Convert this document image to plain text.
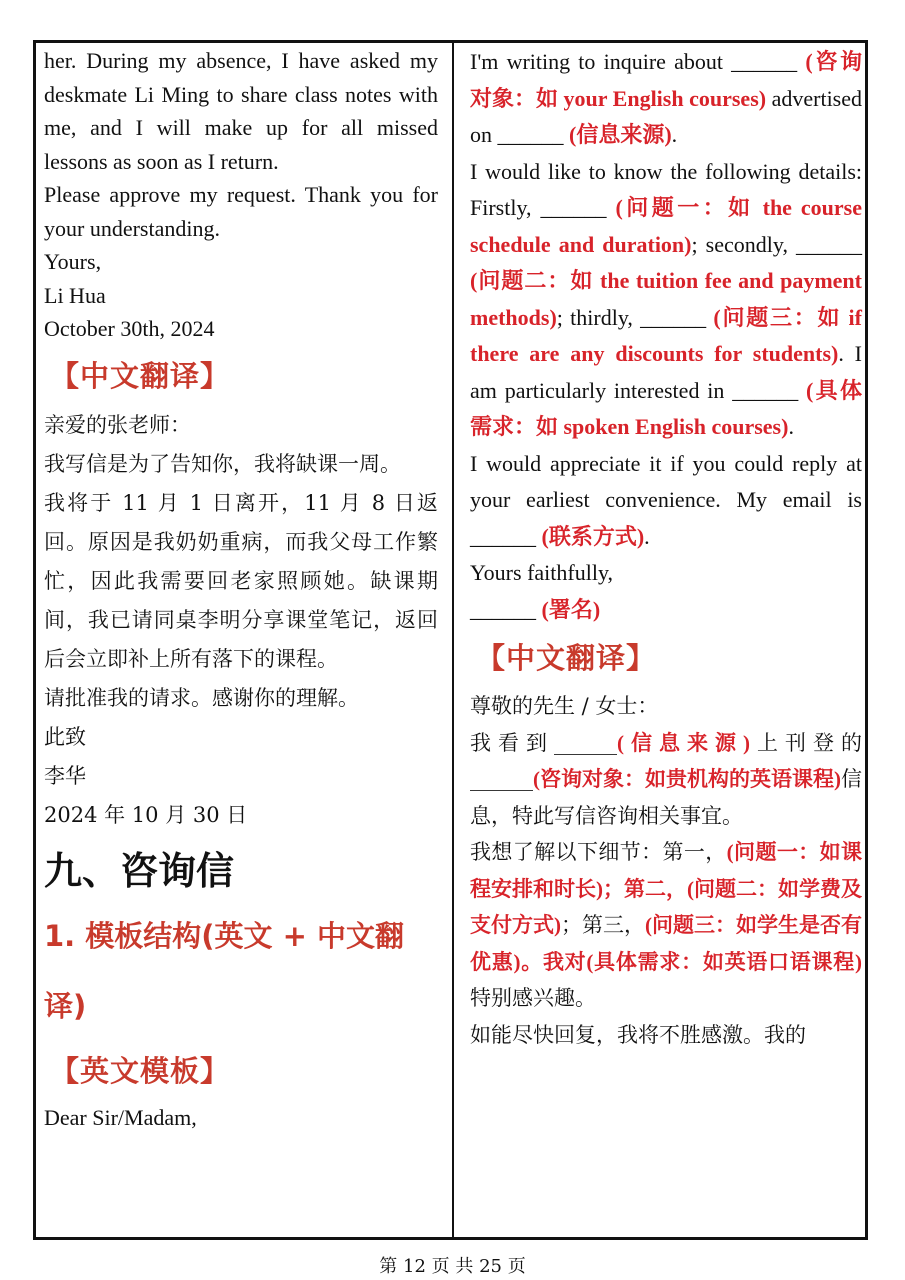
her. During my absence, I have asked my deskmate Li Ming to share class notes with me, and I will make up for all missed lessons as soon as I return.

Please approve my request. Thank you for your understanding.

Yours,

Li Hua

October 30th, 2024

【中文翻译】

亲爱的张老师：

我写信是为了告知你，我将缺课一周。

我将于 11 月 1 日离开，11 月 8 日返回。原因是我奶奶重病，而我父母工作繁忙，因此我需要回老家照顾她。缺课期间，我已请同桌李明分享课堂笔记，返回后会立即补上所有落下的课程。

请批准我的请求。感谢你的理解。

此致

李华

2024 年 10 月 30 日

九、咨询信
1. 模板结构(英文 + 中文翻译)
【英文模板】

Dear Sir/Madam,

I'm writing to inquire about ______ (咨询对象：如 your English courses) advertised on ______ (信息来源).

I would like to know the following details: Firstly, ______ (问题一：如 the course schedule and duration); secondly, ______ (问题二：如 the tuition fee and payment methods); thirdly, ______ (问题三：如 if there are any discounts for students). I am particularly interested in ______ (具体需求：如 spoken English courses).

I would appreciate it if you could reply at your earliest convenience. My email is ______ (联系方式).

Yours faithfully,

______ (署名)

【中文翻译】

尊敬的先生 / 女士：

我看到______(信息来源)上刊登的______(咨询对象：如贵机构的英语课程)信息，特此写信咨询相关事宜。

我想了解以下细节：第一，(问题一：如课程安排和时长)；第二，(问题二：如学费及支付方式)；第三，(问题三：如学生是否有优惠)。我对(具体需求：如英语口语课程)特别感兴趣。

如能尽快回复，我将不胜感激。我的

第 12 页 共 25 页
